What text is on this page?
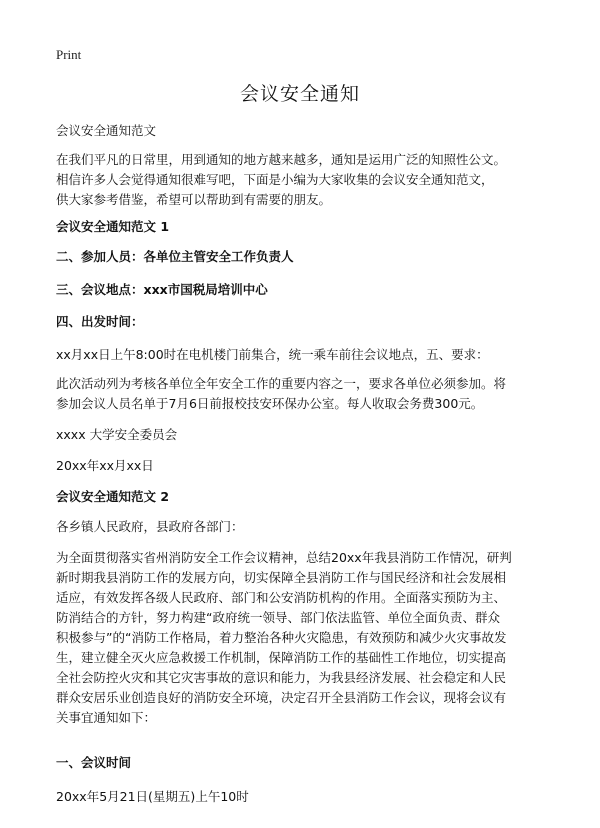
Print
会议安全通知
会议安全通知范文
在我们平凡的日常里，用到通知的地方越来越多，通知是运用广泛的知照性公文。
相信许多人会觉得通知很难写吧，下面是小编为大家收集的会议安全通知范文，
供大家参考借鉴，希望可以帮助到有需要的朋友。
会议安全通知范文 1
二、参加人员：各单位主管安全工作负责人
三、会议地点：xxx市国税局培训中心
四、出发时间：
xx月xx日上午8:00时在电机楼门前集合，统一乘车前往会议地点，五、要求：
此次活动列为考核各单位全年安全工作的重要内容之一，要求各单位必须参加。将
参加会议人员名单于7月6日前报校技安环保办公室。每人收取会务费300元。
xxxx 大学安全委员会
20xx年xx月xx日
会议安全通知范文 2
各乡镇人民政府，县政府各部门：
为全面贯彻落实省州消防安全工作会议精神，总结20xx年我县消防工作情况，研判
新时期我县消防工作的发展方向，切实保障全县消防工作与国民经济和社会发展相
适应，有效发挥各级人民政府、部门和公安消防机构的作用。全面落实预防为主、
防消结合的方针，努力构建“政府统一领导、部门依法监管、单位全面负责、群众
积极参与”的“消防工作格局，着力整治各种火灾隐患，有效预防和减少火灾事故发
生，建立健全灭火应急救援工作机制，保障消防工作的基础性工作地位，切实提高
全社会防控火灾和其它灾害事故的意识和能力，为我县经济发展、社会稳定和人民
群众安居乐业创造良好的消防安全环境，决定召开全县消防工作会议，现将会议有
关事宜通知如下：
一、会议时间
20xx年5月21日(星期五)上午10时
